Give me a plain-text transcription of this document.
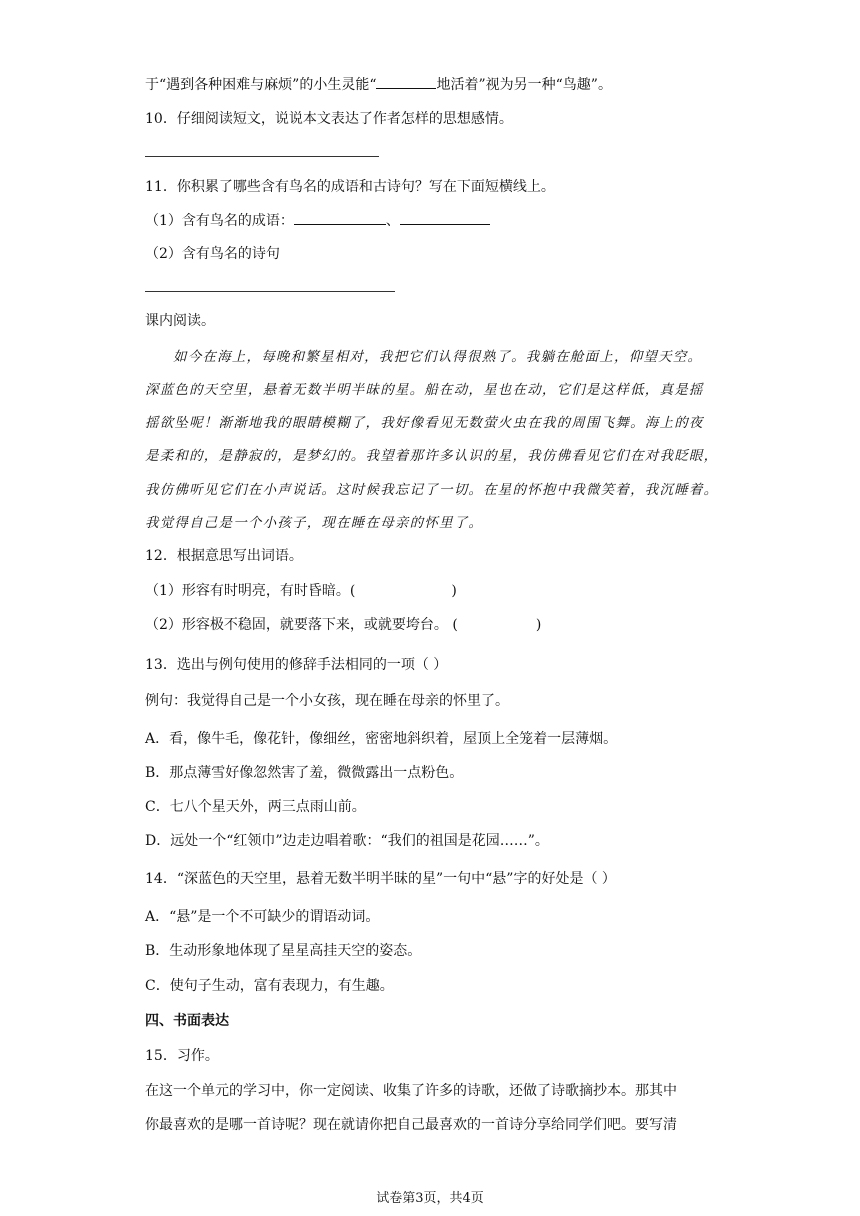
于“遇到各种困难与麻烦”的小生灵能“	地活着”视为另一种“鸟趣”。
10．仔细阅读短文，说说本文表达了作者怎样的思想感情。
11．你积累了哪些含有鸟名的成语和古诗句？写在下面短横线上。
（1）含有鸟名的成语：	、
（2）含有鸟名的诗句
课内阅读。
如今在海上，每晚和繁星相对，我把它们认得很熟了。我躺在舱面上，仰望天空。
深蓝色的天空里，悬着无数半明半昧的星。船在动，星也在动，它们是这样低，真是摇
摇欲坠呢！渐渐地我的眼睛模糊了，我好像看见无数萤火虫在我的周围飞舞。海上的夜
是柔和的，是静寂的，是梦幻的。我望着那许多认识的星，我仿佛看见它们在对我眨眼，
我仿佛听见它们在小声说话。这时候我忘记了一切。在星的怀抱中我微笑着，我沉睡着。
我觉得自己是一个小孩子，现在睡在母亲的怀里了。
12．根据意思写出词语。
（1）形容有时明亮，有时昏暗。(	)
（2）形容极不稳固，就要落下来，或就要垮台。 (	)
13．选出与例句使用的修辞手法相同的一项（ ）
例句：我觉得自己是一个小女孩，现在睡在母亲的怀里了。
A．看，像牛毛，像花针，像细丝，密密地斜织着，屋顶上全笼着一层薄烟。
B．那点薄雪好像忽然害了羞，微微露出一点粉色。
C．七八个星天外，两三点雨山前。
D．远处一个“红领巾”边走边唱着歌：“我们的祖国是花园……”。
14．“深蓝色的天空里，悬着无数半明半昧的星”一句中“悬”字的好处是（ ）
A．“悬”是一个不可缺少的谓语动词。
B．生动形象地体现了星星高挂天空的姿态。
C．使句子生动，富有表现力，有生趣。
四、书面表达
15．习作。
在这一个单元的学习中，你一定阅读、收集了许多的诗歌，还做了诗歌摘抄本。那其中
你最喜欢的是哪一首诗呢？现在就请你把自己最喜欢的一首诗分享给同学们吧。要写清
试卷第3页，共4页
